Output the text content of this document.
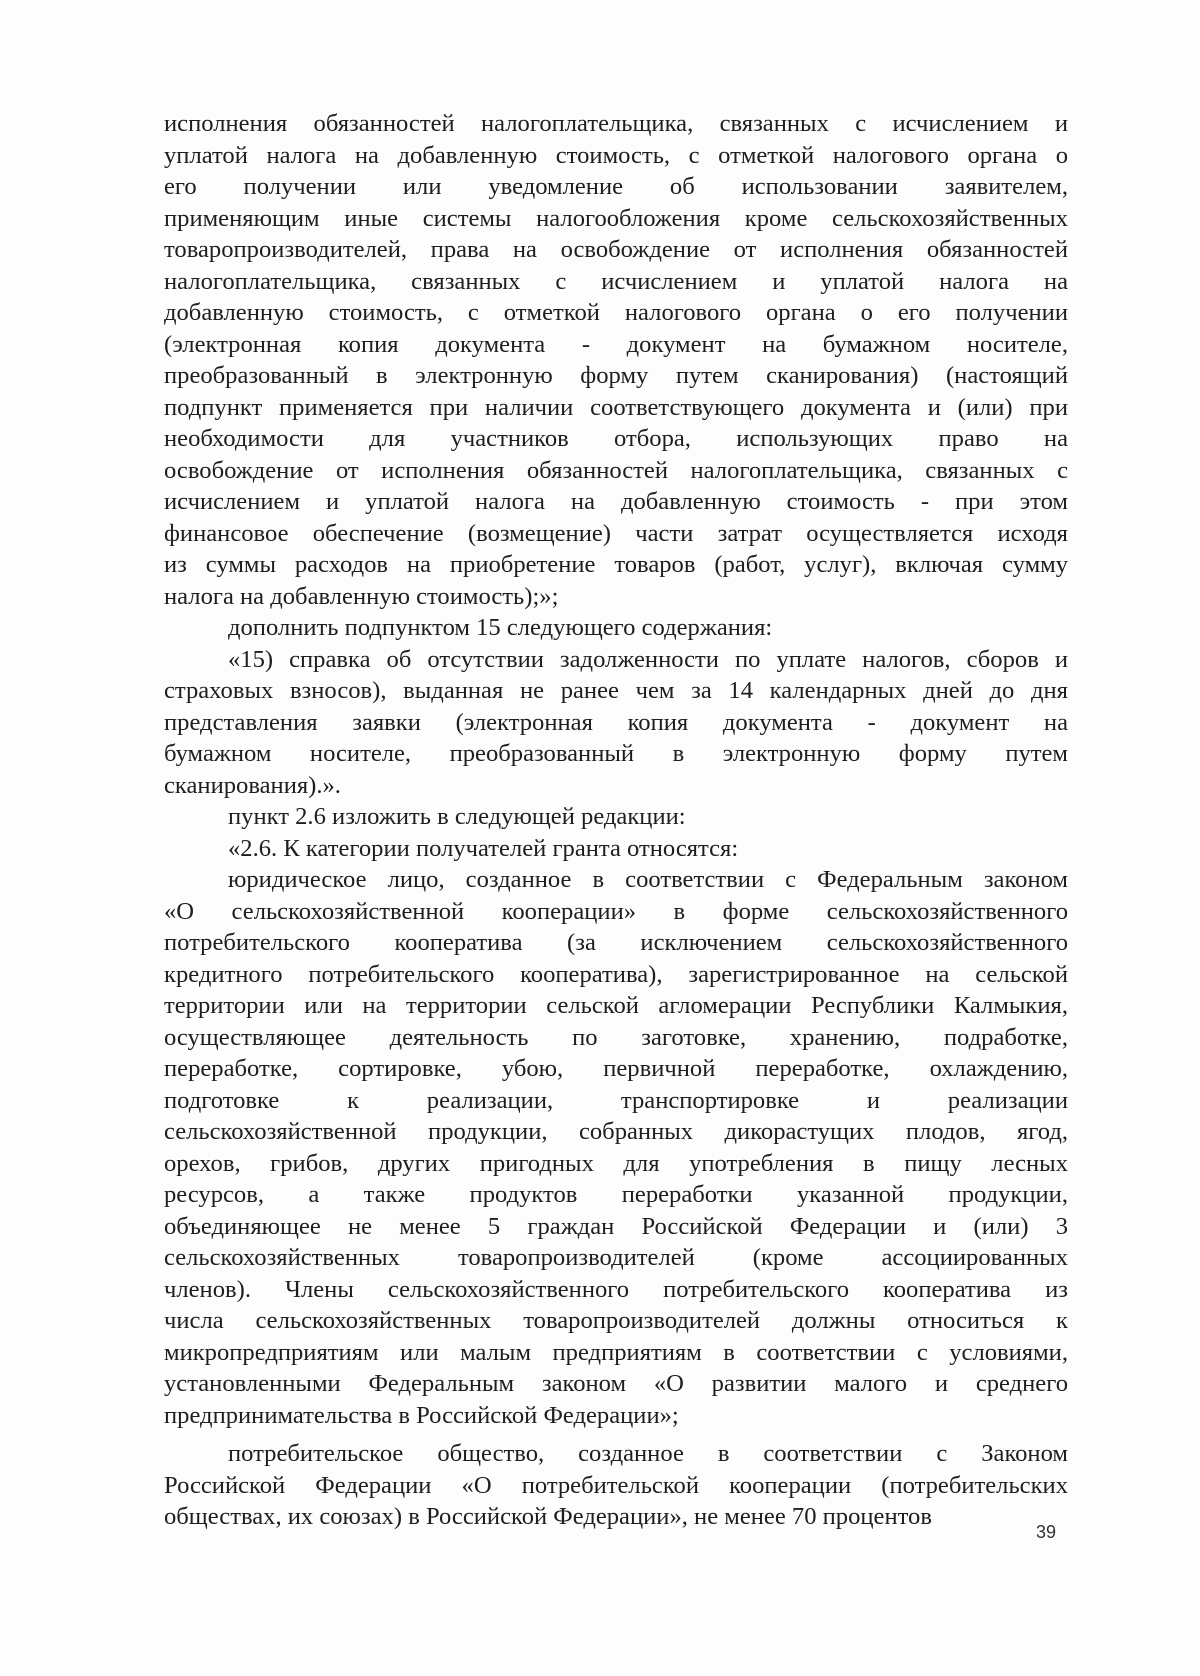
исполнения обязанностей налогоплательщика, связанных с исчислением и

уплатой налога на добавленную стоимость, с отметкой налогового органа о

его получении или уведомление об использовании заявителем,

применяющим иные системы налогообложения кроме сельскохозяйственных

товаропроизводителей, права на освобождение от исполнения обязанностей

налогоплательщика, связанных с исчислением и уплатой налога на

добавленную стоимость, с отметкой налогового органа о его получении

(электронная копия документа - документ на бумажном носителе,

преобразованный в электронную форму путем сканирования) (настоящий

подпункт применяется при наличии соответствующего документа и (или) при

необходимости для участников отбора, использующих право на

освобождение от исполнения обязанностей налогоплательщика, связанных с

исчислением и уплатой налога на добавленную стоимость - при этом

финансовое обеспечение (возмещение) части затрат осуществляется исходя

из суммы расходов на приобретение товаров (работ, услуг), включая сумму

налога на добавленную стоимость);»;

дополнить подпунктом 15 следующего содержания:

«15) справка об отсутствии задолженности по уплате налогов, сборов и

страховых взносов), выданная не ранее чем за 14 календарных дней до дня

представления заявки (электронная копия документа - документ на

бумажном носителе, преобразованный в электронную форму путем

сканирования).».

пункт 2.6 изложить в следующей редакции:

«2.6. К категории получателей гранта относятся:

юридическое лицо, созданное в соответствии с Федеральным законом

«О сельскохозяйственной кооперации» в форме сельскохозяйственного

потребительского кооператива (за исключением сельскохозяйственного

кредитного потребительского кооператива), зарегистрированное на сельской

территории или на территории сельской агломерации Республики Калмыкия,

осуществляющее деятельность по заготовке, хранению, подработке,

переработке, сортировке, убою, первичной переработке, охлаждению,

подготовке к реализации, транспортировке и реализации

сельскохозяйственной продукции, собранных дикорастущих плодов, ягод,

орехов, грибов, других пригодных для употребления в пищу лесных

ресурсов, а также продуктов переработки указанной продукции,

объединяющее не менее 5 граждан Российской Федерации и (или) 3

сельскохозяйственных товаропроизводителей (кроме ассоциированных

членов). Члены сельскохозяйственного потребительского кооператива из

числа сельскохозяйственных товаропроизводителей должны относиться к

микропредприятиям или малым предприятиям в соответствии с условиями,

установленными Федеральным законом «О развитии малого и среднего

предпринимательства в Российской Федерации»;

потребительское общество, созданное в соответствии с Законом

Российской Федерации «О потребительской кооперации (потребительских

обществах, их союзах) в Российской Федерации», не менее 70 процентов

39
